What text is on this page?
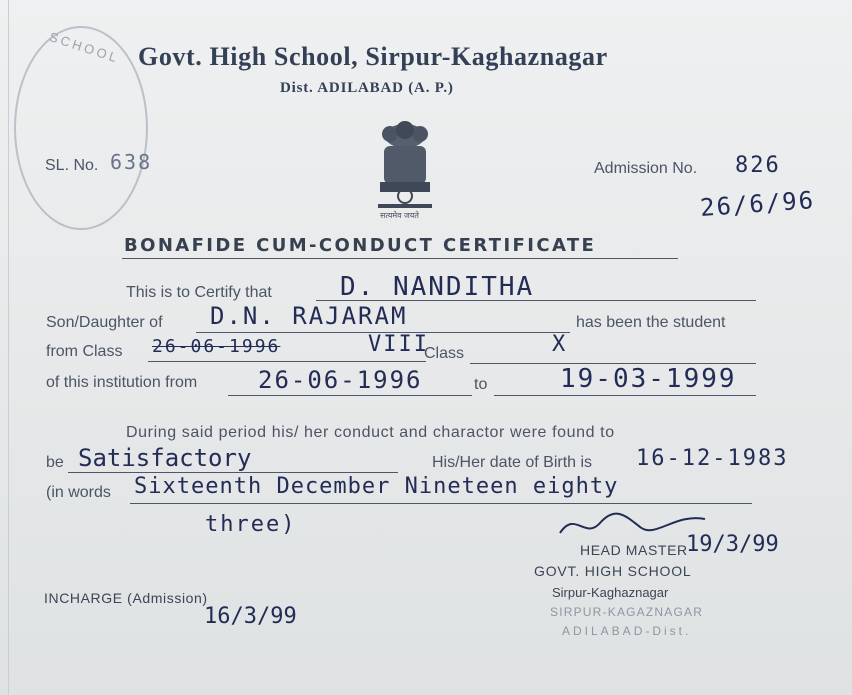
SCHOOL Govt. High School, Sirpur-Kaghaznagar
Dist. ADILABAD (A. P.)
सत्यमेव जयते
SL. No. 638	Admission No. 826
26/6/96
BONAFIDE CUM-CONDUCT CERTIFICATE
This is to Certify that	D. NANDITHA
Son/Daughter of D.N. RAJARAM	has been the student
from Class 26-06-1996	VIII
Class	X
of this institution from	26-06-1996	to	19-03-1999
During said period his/ her conduct and charactor were found to
be Satisfactory	His/Her date of Birth is 16-12-1983
(in words Sixteenth December Nineteen eighty
three)
HEAD MASTER
19/3/99
GOVT. HIGH SCHOOL
Sirpur-Kaghaznagar
SIRPUR-KAGAZNAGAR
ADILABAD-Dist.
INCHARGE (Admission)
16/3/99
